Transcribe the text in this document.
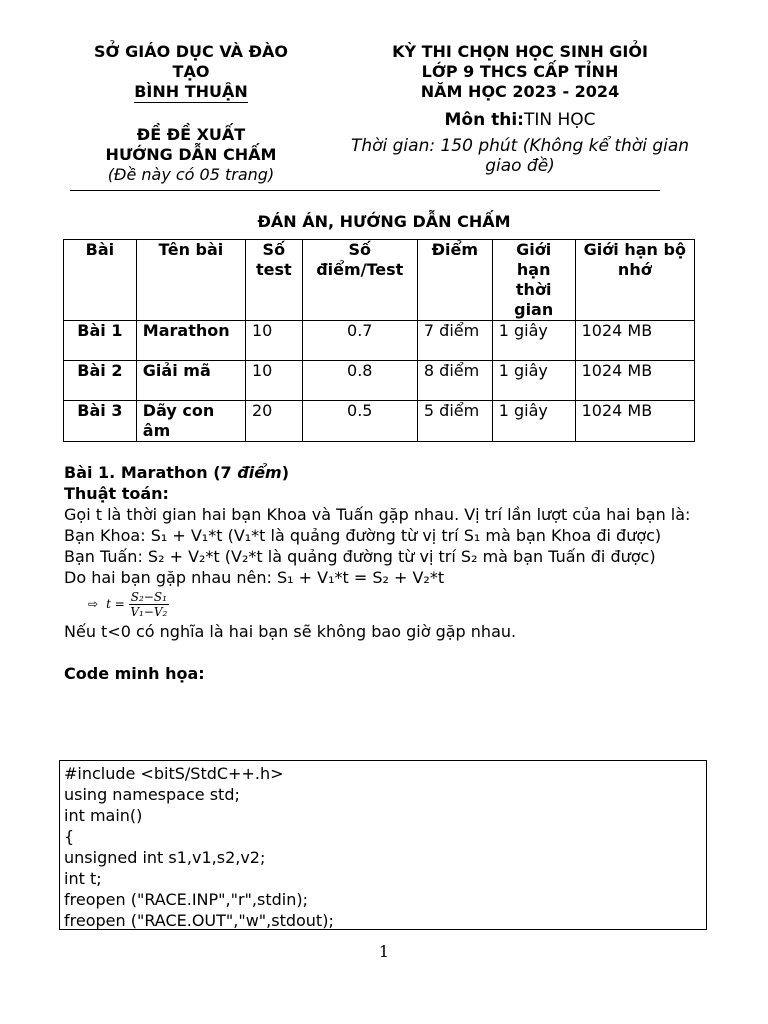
SỞ GIÁO DỤC VÀ ĐÀO
TẠO
BÌNH THUẬN
ĐỀ ĐỀ XUẤT
HƯỚNG DẪN CHẤM
(Đề này có 05 trang)
KỲ THI CHỌN HỌC SINH GIỎI
LỚP 9 THCS CẤP TỈNH
NĂM HỌC 2023 - 2024
Môn thi:TIN HỌC
Thời gian: 150 phút (Không kể thời gian
giao đề)
ĐÁN ÁN, HƯỚNG DẪN CHẤM
Bài	Tên bài	Số test	Số điểm/Test	Điểm	Giới hạn thời gian	Giới hạn bộ nhớ
Bài 1	Marathon	10	0.7	7 điểm	1 giây	1024 MB
Bài 2	Giải mã	10	0.8	8 điểm	1 giây	1024 MB
Bài 3	Dãy con âm	20	0.5	5 điểm	1 giây	1024 MB

Bài 1. Marathon (7 điểm)

Thuật toán:

Gọi t là thời gian hai bạn Khoa và Tuấn gặp nhau. Vị trí lần lượt của hai bạn là:

Bạn Khoa: S₁ + V₁*t (V₁*t là quảng đường từ vị trí S₁ mà bạn Khoa đi được)

Bạn Tuấn: S₂ + V₂*t (V₂*t là quảng đường từ vị trí S₂ mà bạn Tuấn đi được)

Do hai bạn gặp nhau nên: S₁ + V₁*t = S₂ + V₂*t

⇨ $t = \frac{\text{S₂−S₁}}{\text{V₁−V₂}}$

Nếu t<0 có nghĩa là hai bạn sẽ không bao giờ gặp nhau.

Code minh họa:

#include <bitS/StdC++.h>
using namespace std;
int main()
{
unsigned int s1,v1,s2,v2;
int t;
freopen ("RACE.INP","r",stdin);
freopen ("RACE.OUT","w",stdout);
1
